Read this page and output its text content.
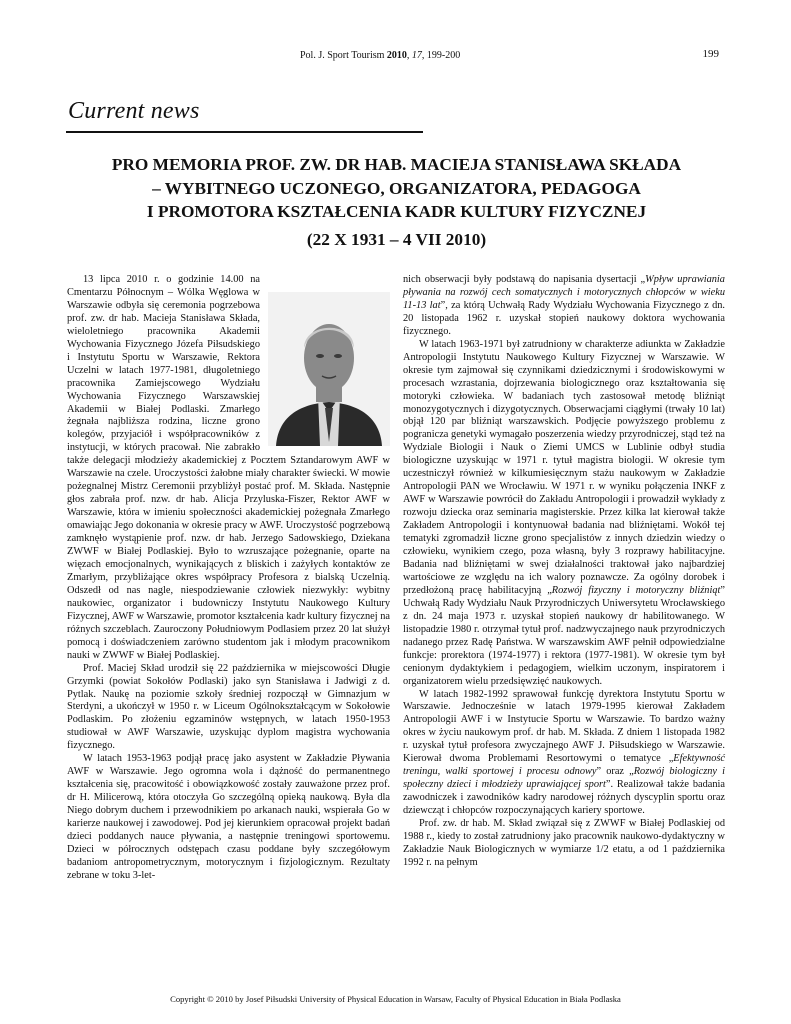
Pol. J. Sport Tourism 2010, 17, 199-200	199
Current news
PRO MEMORIA PROF. ZW. DR HAB. MACIEJA STANISŁAWA SKŁADA
– WYBITNEGO UCZONEGO, ORGANIZATORA, PEDAGOGA
I PROMOTORA KSZTAŁCENIA KADR KULTURY FIZYCZNEJ
(22 X 1931 – 4 VII 2010)

13 lipca 2010 r. o godzinie 14.00 na Cmentarzu Północnym – Wólka Węglowa w Warszawie odbyła się ceremonia pogrzebowa prof. zw. dr hab. Macieja Stanisława Składa, wieloletniego pracownika Akademii Wychowania Fizycznego Józefa Piłsudskiego i Instytutu Sportu w Warszawie, Rektora Uczelni w latach 1977-1981, długoletniego pracownika Zamiejscowego Wydziału Wychowania Fizycznego Warszawskiej Akademii w Białej Podlaski. Zmarłego żegnała najbliższa rodzina, liczne grono kolegów, przyjaciół i współpracowników z instytucji, w których pracował. Nie zabrakło także delegacji młodzieży akademickiej z Pocztem Sztandarowym AWF w Warszawie na czele. Uroczystości żałobne miały charakter świecki. W mowie pożegnalnej Mistrz Ceremonii przybliżył postać prof. M. Składa. Następnie głos zabrała prof. nzw. dr hab. Alicja Przyluska-Fiszer, Rektor AWF w Warszawie, która w imieniu społeczności akademickiej pożegnała Zmarłego omawiając Jego dokonania w okresie pracy w AWF. Uroczystość pogrzebową zamknęło wystąpienie prof. nzw. dr hab. Jerzego Sadowskiego, Dziekana ZWWF w Białej Podlaskiej. Było to wzruszające pożegnanie, oparte na więzach emocjonalnych, wynikających z bliskich i zażyłych kontaktów ze Zmarłym, przybliżające okres współpracy Profesora z bialską Uczelnią. Odszedł od nas nagle, niespodziewanie człowiek niezwykły: wybitny naukowiec, organizator i budowniczy Instytutu Naukowego Kultury Fizycznej, AWF w Warszawie, promotor kształcenia kadr kultury fizycznej na różnych szczeblach. Zauroczony Południowym Podlasiem przez 20 lat służył pomocą i doświadczeniem zarówno studentom jak i młodym pracownikom nauki w ZWWF w Białej Podlaskiej.

Prof. Maciej Skład urodził się 22 października w miejscowości Długie Grzymki (powiat Sokołów Podlaski) jako syn Stanisława i Jadwigi z d. Pytlak. Naukę na poziomie szkoły średniej rozpoczął w Gimnazjum w Sterdyni, a ukończył w 1950 r. w Liceum Ogólnokształcącym w Sokołowie Podlaskim. Po złożeniu egzaminów wstępnych, w latach 1950-1953 studiował w AWF Warszawie, uzyskując dyplom magistra wychowania fizycznego.

W latach 1953-1963 podjął pracę jako asystent w Zakładzie Pływania AWF w Warszawie. Jego ogromna wola i dążność do permanentnego kształcenia się, pracowitość i obowiązkowość zostały zauważone przez prof. dr H. Milicerową, która otoczyła Go szczególną opieką naukową. Była dla Niego dobrym duchem i przewodnikiem po arkanach nauki, wspierała Go w karierze naukowej i zawodowej. Pod jej kierunkiem opracował projekt badań dzieci poddanych nauce pływania, a następnie treningowi sportowemu. Dzieci w półrocznych odstępach czasu poddane były szczegółowym badaniom antropometrycznym, motorycznym i fizjologicznym. Rezultaty zebrane w toku 3-let-

nich obserwacji były podstawą do napisania dysertacji „Wpływ uprawiania pływania na rozwój cech somatycznych i motorycznych chłopców w wieku 11-13 lat”, za którą Uchwałą Rady Wydziału Wychowania Fizycznego z dn. 20 listopada 1962 r. uzyskał stopień naukowy doktora wychowania fizycznego.

W latach 1963-1971 był zatrudniony w charakterze adiunkta w Zakładzie Antropologii Instytutu Naukowego Kultury Fizycznej w Warszawie. W okresie tym zajmował się czynnikami dziedzicznymi i środowiskowymi w procesach wzrastania, dojrzewania biologicznego oraz kształtowania się motoryki człowieka. W badaniach tych zastosował metodę bliźniąt monozygotycznych i dizygotycznych. Obserwacjami ciągłymi (trwały 10 lat) objął 120 par bliźniąt warszawskich. Podjęcie powyższego problemu z pogranicza genetyki wymagało poszerzenia wiedzy przyrodniczej, stąd też na Wydziale Biologii i Nauk o Ziemi UMCS w Lublinie odbył studia biologiczne uzyskując w 1971 r. tytuł magistra biologii. W okresie tym uczestniczył również w kilkumiesięcznym stażu naukowym w Zakładzie Antropologii PAN we Wrocławiu. W 1971 r. w wyniku połączenia INKF z AWF w Warszawie powrócił do Zakładu Antropologii i prowadził wykłady z rozwoju dziecka oraz seminaria magisterskie. Przez kilka lat kierował także Zakładem Antropologii i kontynuował badania nad bliźniętami. Wokół tej tematyki zgromadził liczne grono specjalistów z innych dziedzin wiedzy o człowieku, wynikiem czego, poza własną, były 3 rozprawy habilitacyjne. Badania nad bliźniętami w swej działalności traktował jako najbardziej wartościowe ze względu na ich walory poznawcze. Za ogólny dorobek i przedłożoną pracę habilitacyjną „Rozwój fizyczny i motoryczny bliźniąt” Uchwałą Rady Wydziału Nauk Przyrodniczych Uniwersytetu Wrocławskiego z dn. 24 maja 1973 r. uzyskał stopień naukowy dr habilitowanego. W listopadzie 1980 r. otrzymał tytuł prof. nadzwyczajnego nauk przyrodniczych nadanego przez Radę Państwa. W warszawskim AWF pełnił odpowiedzialne funkcje: prorektora (1974-1977) i rektora (1977-1981). W okresie tym był cenionym dydaktykiem i pedagogiem, wielkim uczonym, inspiratorem i organizatorem wielu przedsięwzięć naukowych.

W latach 1982-1992 sprawował funkcję dyrektora Instytutu Sportu w Warszawie. Jednocześnie w latach 1979-1995 kierował Zakładem Antropologii AWF i w Instytucie Sportu w Warszawie. To bardzo ważny okres w życiu naukowym prof. dr hab. M. Składa. Z dniem 1 listopada 1982 r. uzyskał tytuł profesora zwyczajnego AWF J. Piłsudskiego w Warszawie. Kierował dwoma Problemami Resortowymi o tematyce „Efektywność treningu, walki sportowej i procesu odnowy” oraz „Rozwój biologiczny i społeczny dzieci i młodzieży uprawiającej sport”. Realizował także badania zawodniczek i zawodników kadry narodowej różnych dyscyplin sportu oraz dziewcząt i chłopców rozpoczynających kariery sportowe.

Prof. zw. dr hab. M. Skład związał się z ZWWF w Białej Podlaskiej od 1988 r., kiedy to został zatrudniony jako pracownik naukowo-dydaktyczny w Zakładzie Nauk Biologicznych w wymiarze 1/2 etatu, a od 1 października 1992 r. na pełnym

Copyright © 2010 by Josef Piłsudski University of Physical Education in Warsaw, Faculty of Physical Education in Biała Podlaska
